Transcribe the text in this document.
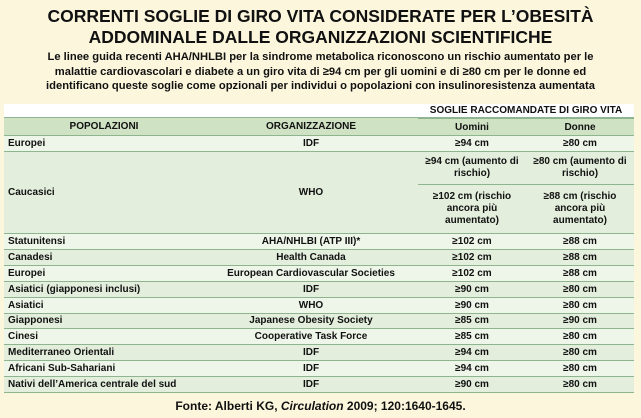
CORRENTI SOGLIE DI GIRO VITA CONSIDERATE PER L’OBESITÀ
ADDOMINALE DALLE ORGANIZZAZIONI SCIENTIFICHE
Le linee guida recenti AHA/NHLBI per la sindrome metabolica riconoscono un rischio aumentato per le
malattie cardiovascolari e diabete a un giro vita di ≥94 cm per gli uomini e di ≥80 cm per le donne ed
identificano queste soglie come opzionali per individui o popolazioni con insulinoresistenza aumentata
		SOGLIE RACCOMANDATE DI GIRO VITA	
POPOLAZIONI	ORGANIZZAZIONE		
		Uomini	Donne
Europei	IDF	≥94 cm	≥80 cm
Caucasici	WHO	≥94 cm (aumento di rischio)	≥80 cm (aumento di rischio)
		≥102 cm (rischio ancora più aumentato)	≥88 cm (rischio ancora più aumentato)
Statunitensi	AHA/NHLBI (ATP III)*	≥102 cm	≥88 cm
Canadesi	Health Canada	≥102 cm	≥88 cm
Europei	European Cardiovascular Societies	≥102 cm	≥88 cm
Asiatici (giapponesi inclusi)	IDF	≥90 cm	≥80 cm
Asiatici	WHO	≥90 cm	≥80 cm
Giapponesi	Japanese Obesity Society	≥85 cm	≥90 cm
Cinesi	Cooperative Task Force	≥85 cm	≥80 cm
Mediterraneo Orientali	IDF	≥94 cm	≥80 cm
Africani Sub-Sahariani	IDF	≥94 cm	≥80 cm
Nativi dell’America centrale del sud	IDF	≥90 cm	≥80 cm
Fonte: Alberti KG, Circulation 2009; 120:1640-1645.
